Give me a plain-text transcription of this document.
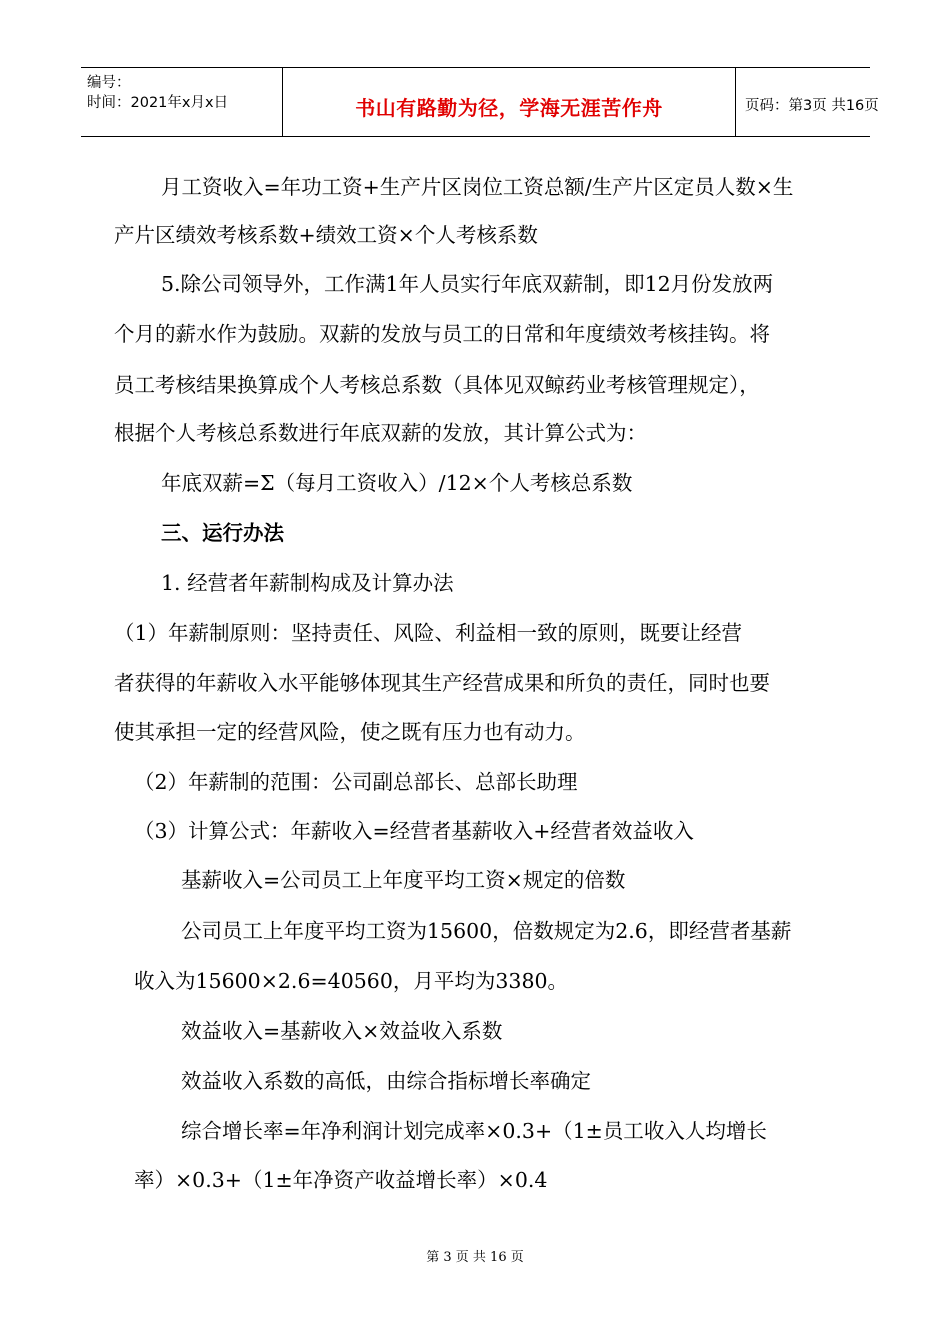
编号：
时间：2021年x月x日	书山有路勤为径，学海无涯苦作舟	页码：第3页 共16页
月工资收入=年功工资+生产片区岗位工资总额/生产片区定员人数×生
产片区绩效考核系数+绩效工资×个人考核系数
5.除公司领导外，工作满1年人员实行年底双薪制，即12月份发放两
个月的薪水作为鼓励。双薪的发放与员工的日常和年度绩效考核挂钩。将
员工考核结果换算成个人考核总系数（具体见双鲸药业考核管理规定），
根据个人考核总系数进行年底双薪的发放，其计算公式为：
年底双薪=Σ（每月工资收入）/12×个人考核总系数
三、运行办法
1. 经营者年薪制构成及计算办法
（1）年薪制原则：坚持责任、风险、利益相一致的原则，既要让经营
者获得的年薪收入水平能够体现其生产经营成果和所负的责任，同时也要
使其承担一定的经营风险，使之既有压力也有动力。
（2）年薪制的范围：公司副总部长、总部长助理
（3）计算公式：年薪收入=经营者基薪收入+经营者效益收入
基薪收入=公司员工上年度平均工资×规定的倍数
公司员工上年度平均工资为15600，倍数规定为2.6，即经营者基薪
收入为15600×2.6=40560，月平均为3380。
效益收入=基薪收入×效益收入系数
效益收入系数的高低，由综合指标增长率确定
综合增长率=年净利润计划完成率×0.3+（1±员工收入人均增长
率）×0.3+（1±年净资产收益增长率）×0.4
第 3 页 共 16 页
